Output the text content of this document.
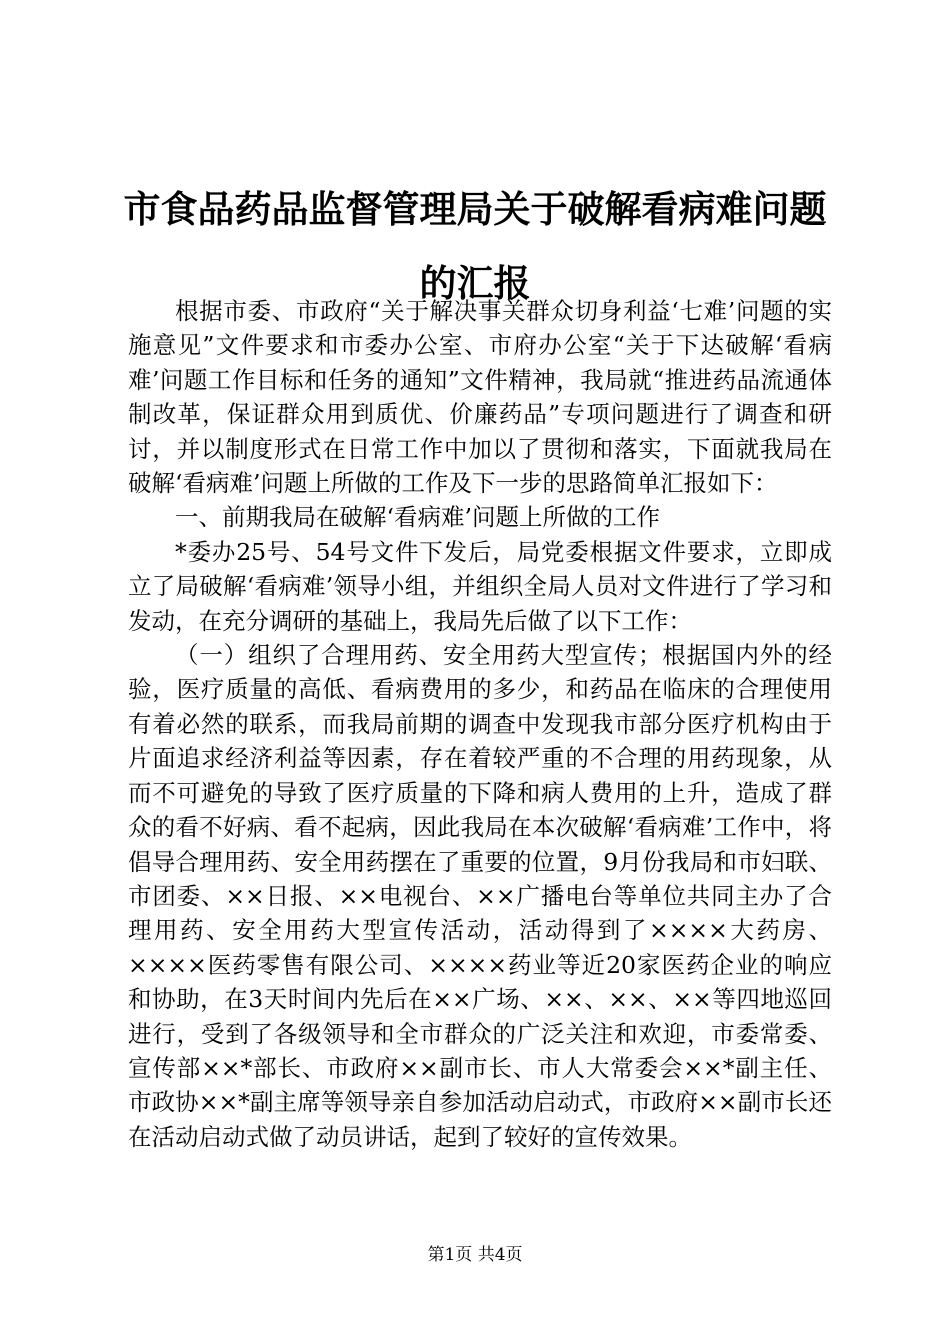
市食品药品监督管理局关于破解看病难问题的汇报

根据市委、市政府“关于解决事关群众切身利益‘七难’问题的实施意见”文件要求和市委办公室、市府办公室“关于下达破解‘看病难’问题工作目标和任务的通知”文件精神，我局就“推进药品流通体制改革，保证群众用到质优、价廉药品”专项问题进行了调查和研讨，并以制度形式在日常工作中加以了贯彻和落实，下面就我局在破解‘看病难’问题上所做的工作及下一步的思路简单汇报如下：

一、前期我局在破解‘看病难’问题上所做的工作

*委办25号、54号文件下发后，局党委根据文件要求，立即成立了局破解‘看病难’领导小组，并组织全局人员对文件进行了学习和发动，在充分调研的基础上，我局先后做了以下工作：

（一）组织了合理用药、安全用药大型宣传；根据国内外的经验，医疗质量的高低、看病费用的多少，和药品在临床的合理使用有着必然的联系，而我局前期的调查中发现我市部分医疗机构由于片面追求经济利益等因素，存在着较严重的不合理的用药现象，从而不可避免的导致了医疗质量的下降和病人费用的上升，造成了群众的看不好病、看不起病，因此我局在本次破解‘看病难’工作中，将倡导合理用药、安全用药摆在了重要的位置，9月份我局和市妇联、市团委、××日报、××电视台、××广播电台等单位共同主办了合理用药、安全用药大型宣传活动，活动得到了××××大药房、××××医药零售有限公司、××××药业等近20家医药企业的响应和协助，在3天时间内先后在××广场、××、××、××等四地巡回进行，受到了各级领导和全市群众的广泛关注和欢迎，市委常委、宣传部××*部长、市政府××副市长、市人大常委会××*副主任、市政协××*副主席等领导亲自参加活动启动式，市政府××副市长还在活动启动式做了动员讲话，起到了较好的宣传效果。

第1页 共4页
